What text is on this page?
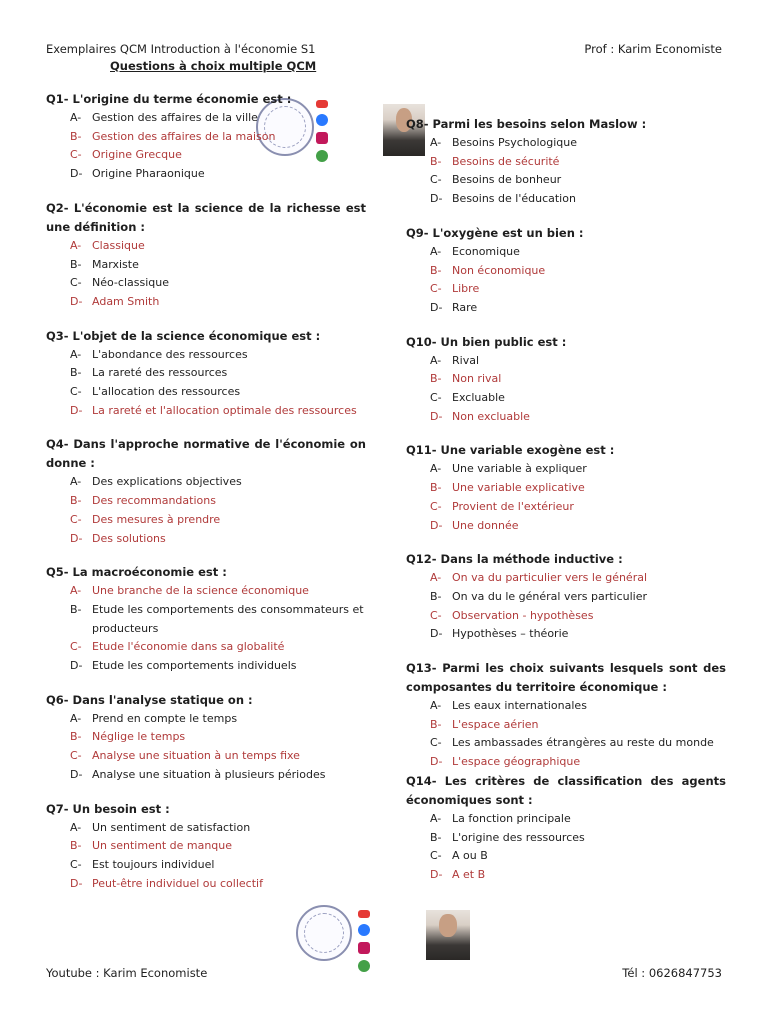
Exemplaires QCM Introduction à l'économie S1	Prof : Karim Economiste
Questions à choix multiple QCM
Q1- L'origine du terme économie est :
A- Gestion des affaires de la ville
B- Gestion des affaires de la maison
C- Origine Grecque
D- Origine Pharaonique
Q2- L'économie est la science de la richesse est une définition :
A- Classique
B- Marxiste
C- Néo-classique
D- Adam Smith
Q3- L'objet de la science économique est :
A- L'abondance des ressources
B- La rareté des ressources
C- L'allocation des ressources
D- La rareté et l'allocation optimale des ressources
Q4- Dans l'approche normative de l'économie on donne :
A- Des explications objectives
B- Des recommandations
C- Des mesures à prendre
D- Des solutions
Q5- La macroéconomie est :
A- Une branche de la science économique
B- Etude les comportements des consommateurs et producteurs
C- Etude l'économie dans sa globalité
D- Etude les comportements individuels
Q6- Dans l'analyse statique on :
A- Prend en compte le temps
B- Néglige le temps
C- Analyse une situation à un temps fixe
D- Analyse une situation à plusieurs périodes
Q7- Un besoin est :
A- Un sentiment de satisfaction
B- Un sentiment de manque
C- Est toujours individuel
D- Peut-être individuel ou collectif
Q8- Parmi les besoins selon Maslow :
A- Besoins Psychologique
B- Besoins de sécurité
C- Besoins de bonheur
D- Besoins de l'éducation
Q9- L'oxygène est un bien :
A- Economique
B- Non économique
C- Libre
D- Rare
Q10- Un bien public est :
A- Rival
B- Non rival
C- Excluable
D- Non excluable
Q11- Une variable exogène est :
A- Une variable à expliquer
B- Une variable explicative
C- Provient de l'extérieur
D- Une donnée
Q12- Dans la méthode inductive :
A- On va du particulier vers le général
B- On va du le général vers particulier
C- Observation - hypothèses
D- Hypothèses – théorie
Q13- Parmi les choix suivants lesquels sont des composantes du territoire économique :
A- Les eaux internationales
B- L'espace aérien
C- Les ambassades étrangères au reste du monde
D- L'espace géographique
Q14- Les critères de classification des agents économiques sont :
A- La fonction principale
B- L'origine des ressources
C- A ou B
D- A et B
Youtube : Karim Economiste	Tél : 0626847753
